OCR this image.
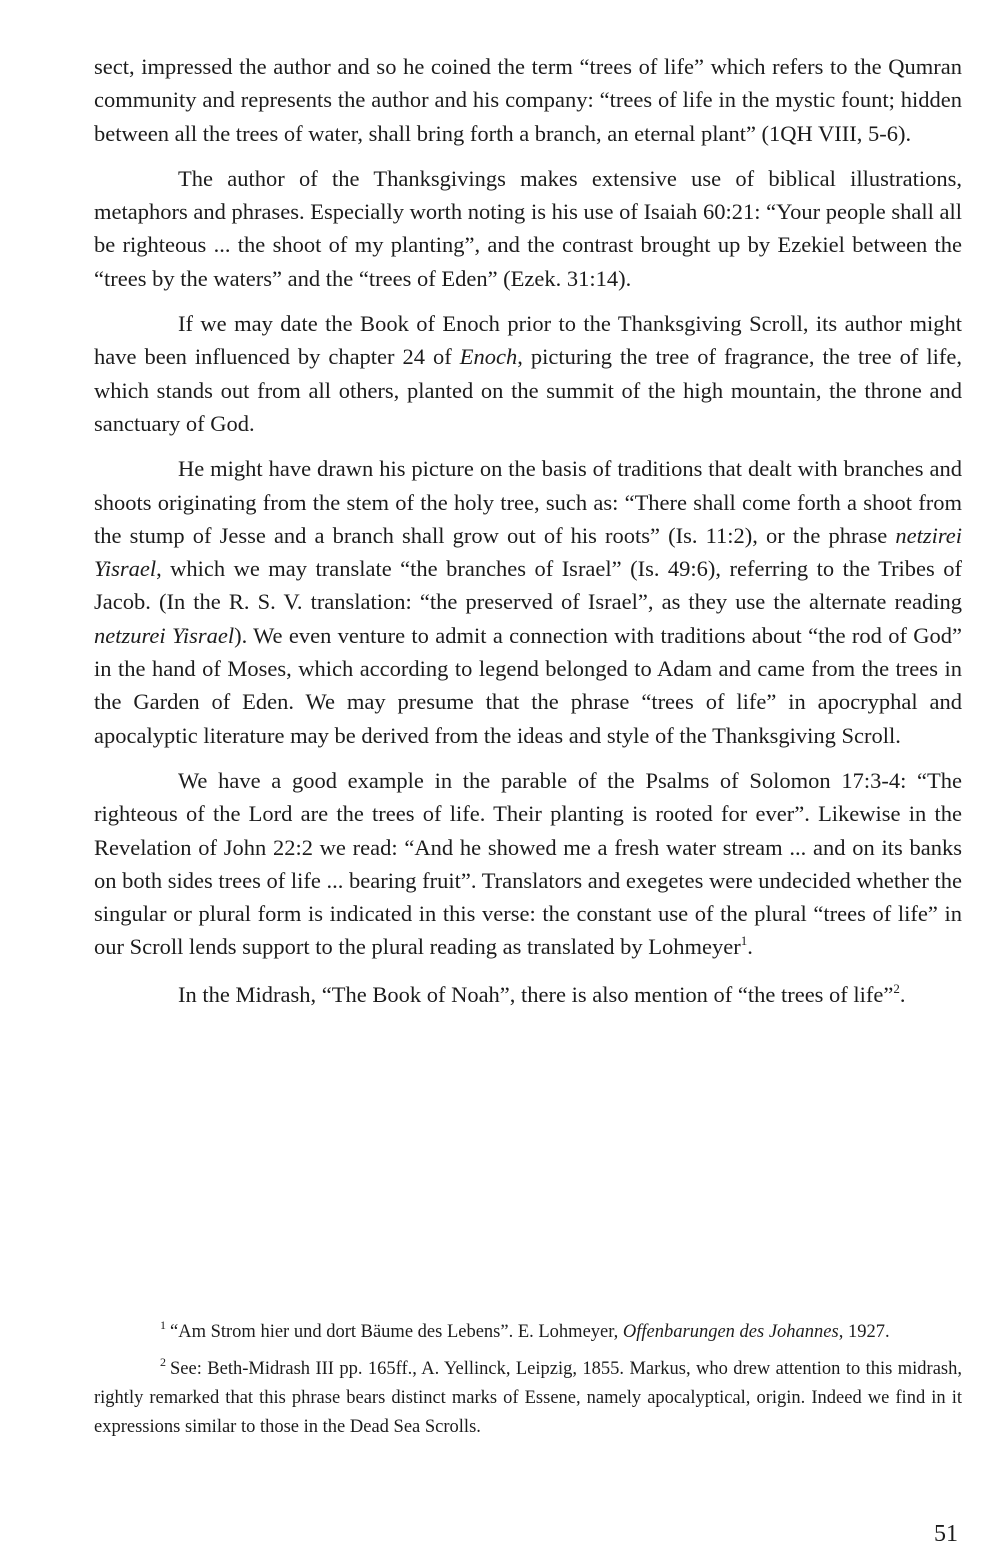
sect, impressed the author and so he coined the term “trees of life” which refers to the Qumran community and represents the author and his company: “trees of life in the mystic fount; hidden between all the trees of water, shall bring forth a branch, an eternal plant” (1QH VIII, 5-6).

The author of the Thanksgivings makes extensive use of biblical illustrations, metaphors and phrases. Especially worth noting is his use of Isaiah 60:21: “Your people shall all be righteous ... the shoot of my planting”, and the contrast brought up by Ezekiel between the “trees by the waters” and the “trees of Eden” (Ezek. 31:14).

If we may date the Book of Enoch prior to the Thanksgiving Scroll, its author might have been influenced by chapter 24 of Enoch, picturing the tree of fragrance, the tree of life, which stands out from all others, planted on the summit of the high mountain, the throne and sanctuary of God.

He might have drawn his picture on the basis of traditions that dealt with branches and shoots originating from the stem of the holy tree, such as: “There shall come forth a shoot from the stump of Jesse and a branch shall grow out of his roots” (Is. 11:2), or the phrase netzirei Yisrael, which we may translate “the branches of Israel” (Is. 49:6), referring to the Tribes of Jacob. (In the R. S. V. translation: “the preserved of Israel”, as they use the alternate reading netzurei Yisrael). We even venture to admit a connection with traditions about “the rod of God” in the hand of Moses, which according to legend belonged to Adam and came from the trees in the Garden of Eden. We may presume that the phrase “trees of life” in apocryphal and apocalyptic literature may be derived from the ideas and style of the Thanksgiving Scroll.

We have a good example in the parable of the Psalms of Solomon 17:3-4: “The righteous of the Lord are the trees of life. Their planting is rooted for ever”. Likewise in the Revelation of John 22:2 we read: “And he showed me a fresh water stream ... and on its banks on both sides trees of life ... bearing fruit”. Translators and exegetes were undecided whether the singular or plural form is indicated in this verse: the constant use of the plural “trees of life” in our Scroll lends support to the plural reading as translated by Lohmeyer$^1$.

In the Midrash, “The Book of Noah”, there is also mention of “the trees of life”$^2$.

$^1$ “Am Strom hier und dort Bäume des Lebens”. E. Lohmeyer, Offenbarungen des Johannes, 1927.

$^2$ See: Beth-Midrash III pp. 165ff., A. Yellinck, Leipzig, 1855. Markus, who drew attention to this midrash, rightly remarked that this phrase bears distinct marks of Essene, namely apocalyptical, origin. Indeed we find in it expressions similar to those in the Dead Sea Scrolls.

51
